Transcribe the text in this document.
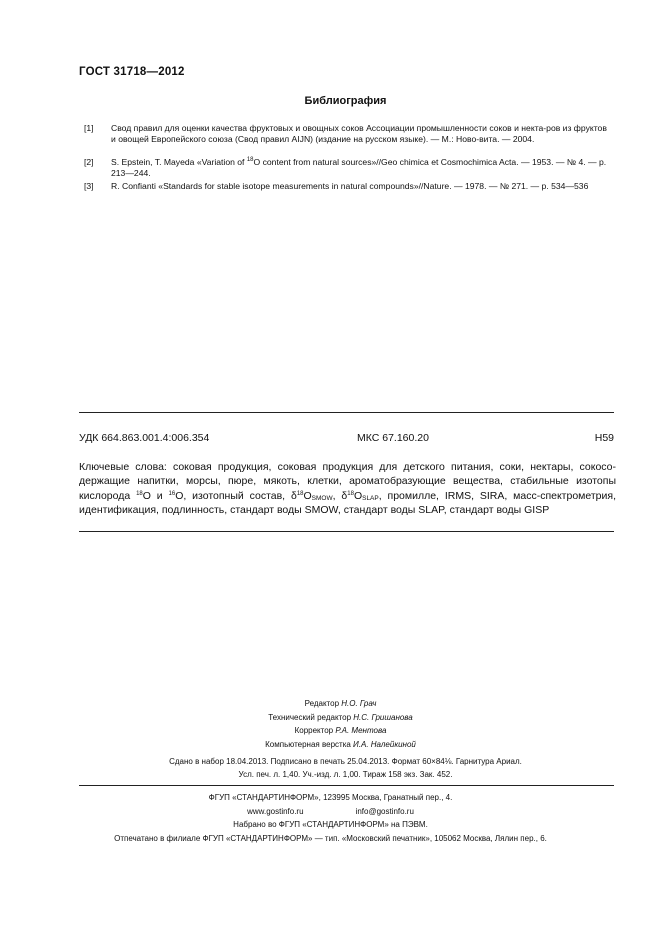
ГОСТ 31718—2012
Библиография
[1]	Свод правил для оценки качества фруктовых и овощных соков Ассоциации промышленности соков и некта-ров из фруктов и овощей Европейского союза (Свод правил AIJN) (издание на русском языке). — М.: Ново-вита. — 2004.
[2]	S. Epstein, T. Mayeda «Variation of $^{18}$O content from natural sources»//Geo chimica et Cosmochimica Acta. — 1953. — № 4. — p. 213—244.
[3]	R. Confianti «Standards for stable isotope measurements in natural compounds»//Nature. — 1978. — № 271. — p. 534—536
УДК 664.863.001.4:006.354	МКС 67.160.20	H59
Ключевые слова: соковая продукция, соковая продукция для детского питания, соки, нектары, сокосо-держащие напитки, морсы, пюре, мякоть, клетки, ароматобразующие вещества, стабильные изотопы кислорода $^{18}$О и $^{16}$О, изотопный состав, $\delta^{18}O_{SMOW}$, $\delta^{18}O_{SLAP}$, промилле, IRMS, SIRA, масс-спектрометрия, идентификация, подлинность, стандарт воды SMOW, стандарт воды SLAP, стандарт воды GISP
Редактор Н.О. Грач
Технический редактор Н.С. Гришанова
Корректор Р.А. Ментова
Компьютерная верстка И.А. Налейкиной
Сдано в набор 18.04.2013. Подписано в печать 25.04.2013. Формат 60×84⅛. Гарнитура Ариал.
Усл. печ. л. 1,40. Уч.-изд. л. 1,00. Тираж 158 экз. Зак. 452.
ФГУП «СТАНДАРТИНФОРМ», 123995 Москва, Гранатный пер., 4.
www.gostinfo.ru	info@gostinfo.ru
Набрано во ФГУП «СТАНДАРТИНФОРМ» на ПЭВМ.
Отпечатано в филиале ФГУП «СТАНДАРТИНФОРМ» — тип. «Московский печатник», 105062 Москва, Лялин пер., 6.
